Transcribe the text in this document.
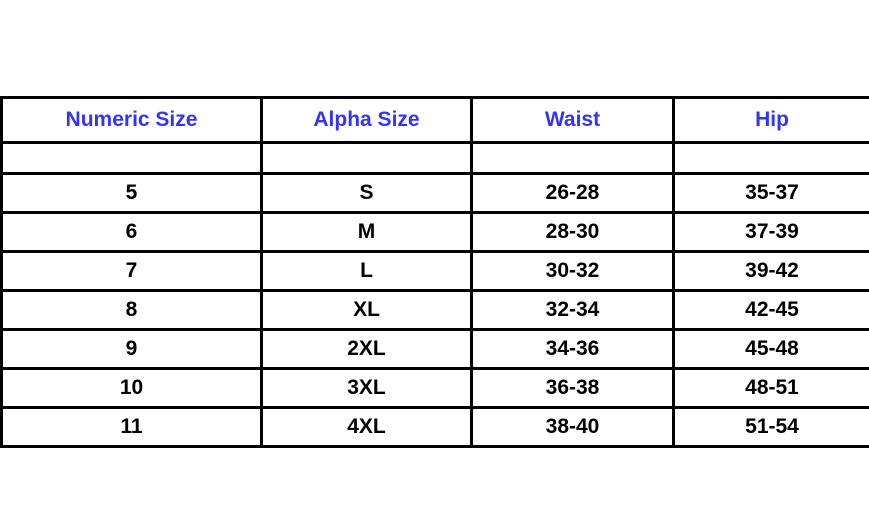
Numeric Size	Alpha Size	Waist	Hip

5	S	26-28	35-37
6	M	28-30	37-39
7	L	30-32	39-42
8	XL	32-34	42-45
9	2XL	34-36	45-48
10	3XL	36-38	48-51
11	4XL	38-40	51-54
